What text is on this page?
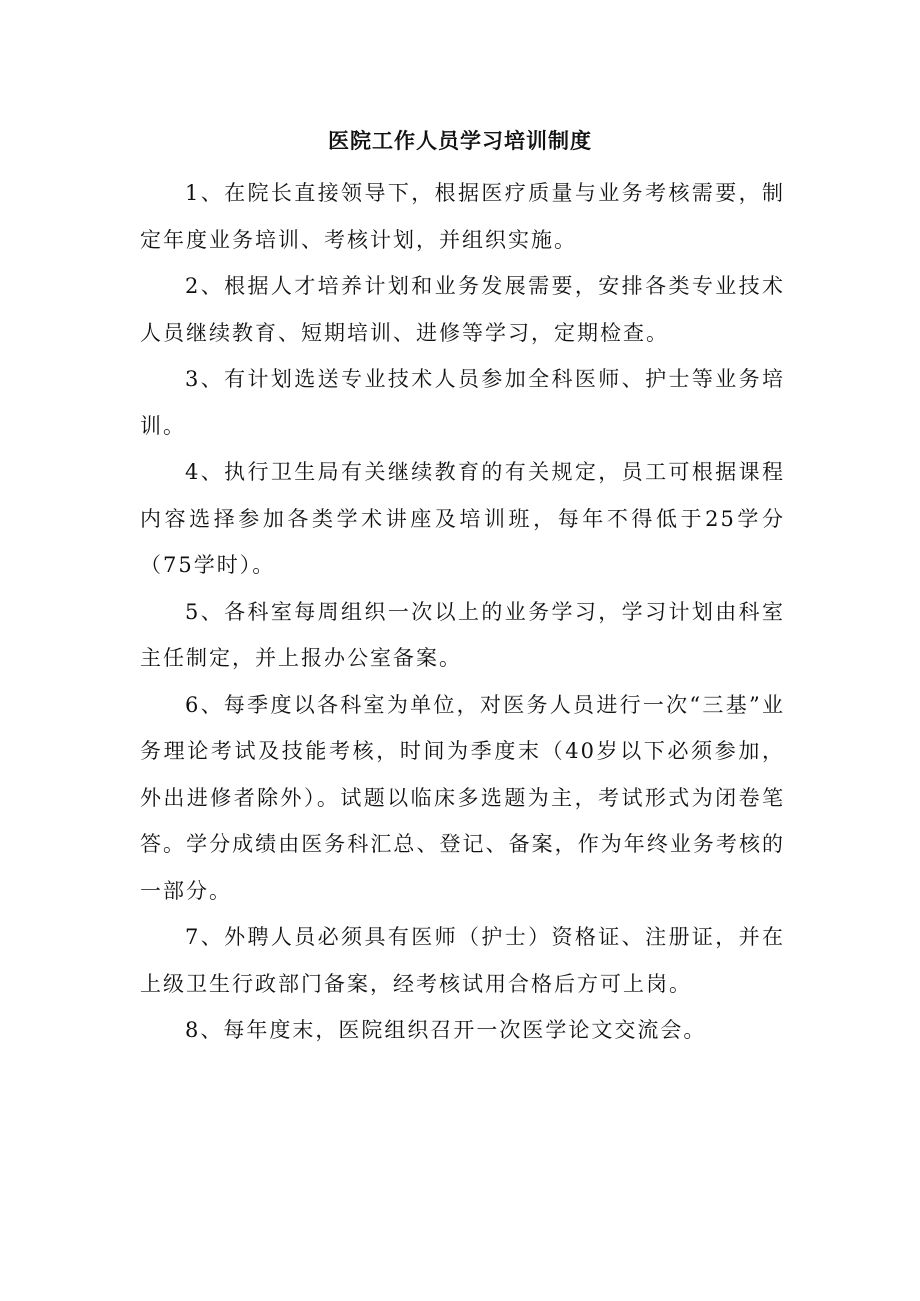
医院工作人员学习培训制度

1、在院长直接领导下，根据医疗质量与业务考核需要，制定年度业务培训、考核计划，并组织实施。

2、根据人才培养计划和业务发展需要，安排各类专业技术人员继续教育、短期培训、进修等学习，定期检查。

3、有计划选送专业技术人员参加全科医师、护士等业务培训。

4、执行卫生局有关继续教育的有关规定，员工可根据课程内容选择参加各类学术讲座及培训班，每年不得低于25学分（75学时）。

5、各科室每周组织一次以上的业务学习，学习计划由科室主任制定，并上报办公室备案。

6、每季度以各科室为单位，对医务人员进行一次“三基”业务理论考试及技能考核，时间为季度末（40岁以下必须参加，外出进修者除外）。试题以临床多选题为主，考试形式为闭卷笔答。学分成绩由医务科汇总、登记、备案，作为年终业务考核的一部分。

7、外聘人员必须具有医师（护士）资格证、注册证，并在上级卫生行政部门备案，经考核试用合格后方可上岗。

8、每年度末，医院组织召开一次医学论文交流会。
